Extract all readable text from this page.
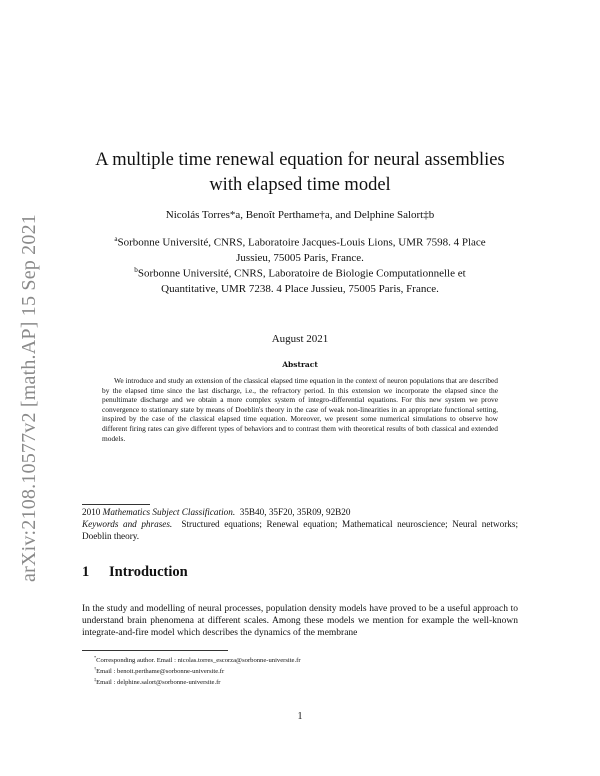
arXiv:2108.10577v2 [math.AP] 15 Sep 2021
A multiple time renewal equation for neural assemblies
with elapsed time model
Nicolás Torres*a, Benoît Perthame†a, and Delphine Salort‡b
$^a$Sorbonne Université, CNRS, Laboratoire Jacques-Louis Lions, UMR 7598. 4 Place
Jussieu, 75005 Paris, France.
$^b$Sorbonne Université, CNRS, Laboratoire de Biologie Computationnelle et
Quantitative, UMR 7238. 4 Place Jussieu, 75005 Paris, France.
August 2021
Abstract
We introduce and study an extension of the classical elapsed time equation in the context of neuron populations that are described by the elapsed time since the last discharge, i.e., the refractory period. In this extension we incorporate the elapsed since the penultimate discharge and we obtain a more complex system of integro-differential equations. For this new system we prove convergence to stationary state by means of Doeblin's theory in the case of weak non-linearities in an appropriate functional setting, inspired by the case of the classical elapsed time equation. Moreover, we present some numerical simulations to observe how different firing rates can give different types of behaviors and to contrast them with theoretical results of both classical and extended models.
2010 Mathematics Subject Classification. 35B40, 35F20, 35R09, 92B20
Keywords and phrases. Structured equations; Renewal equation; Mathematical neuroscience; Neural networks; Doeblin theory.
1 Introduction
In the study and modelling of neural processes, population density models have proved to be a useful approach to understand brain phenomena at different scales. Among these models we mention for example the well-known integrate-and-fire model which describes the dynamics of the membrane
*Corresponding author. Email : nicolas.torres_escorza@sorbonne-universite.fr
†Email : benoit.perthame@sorbonne-universite.fr
‡Email : delphine.salort@sorbonne-universite.fr
1
